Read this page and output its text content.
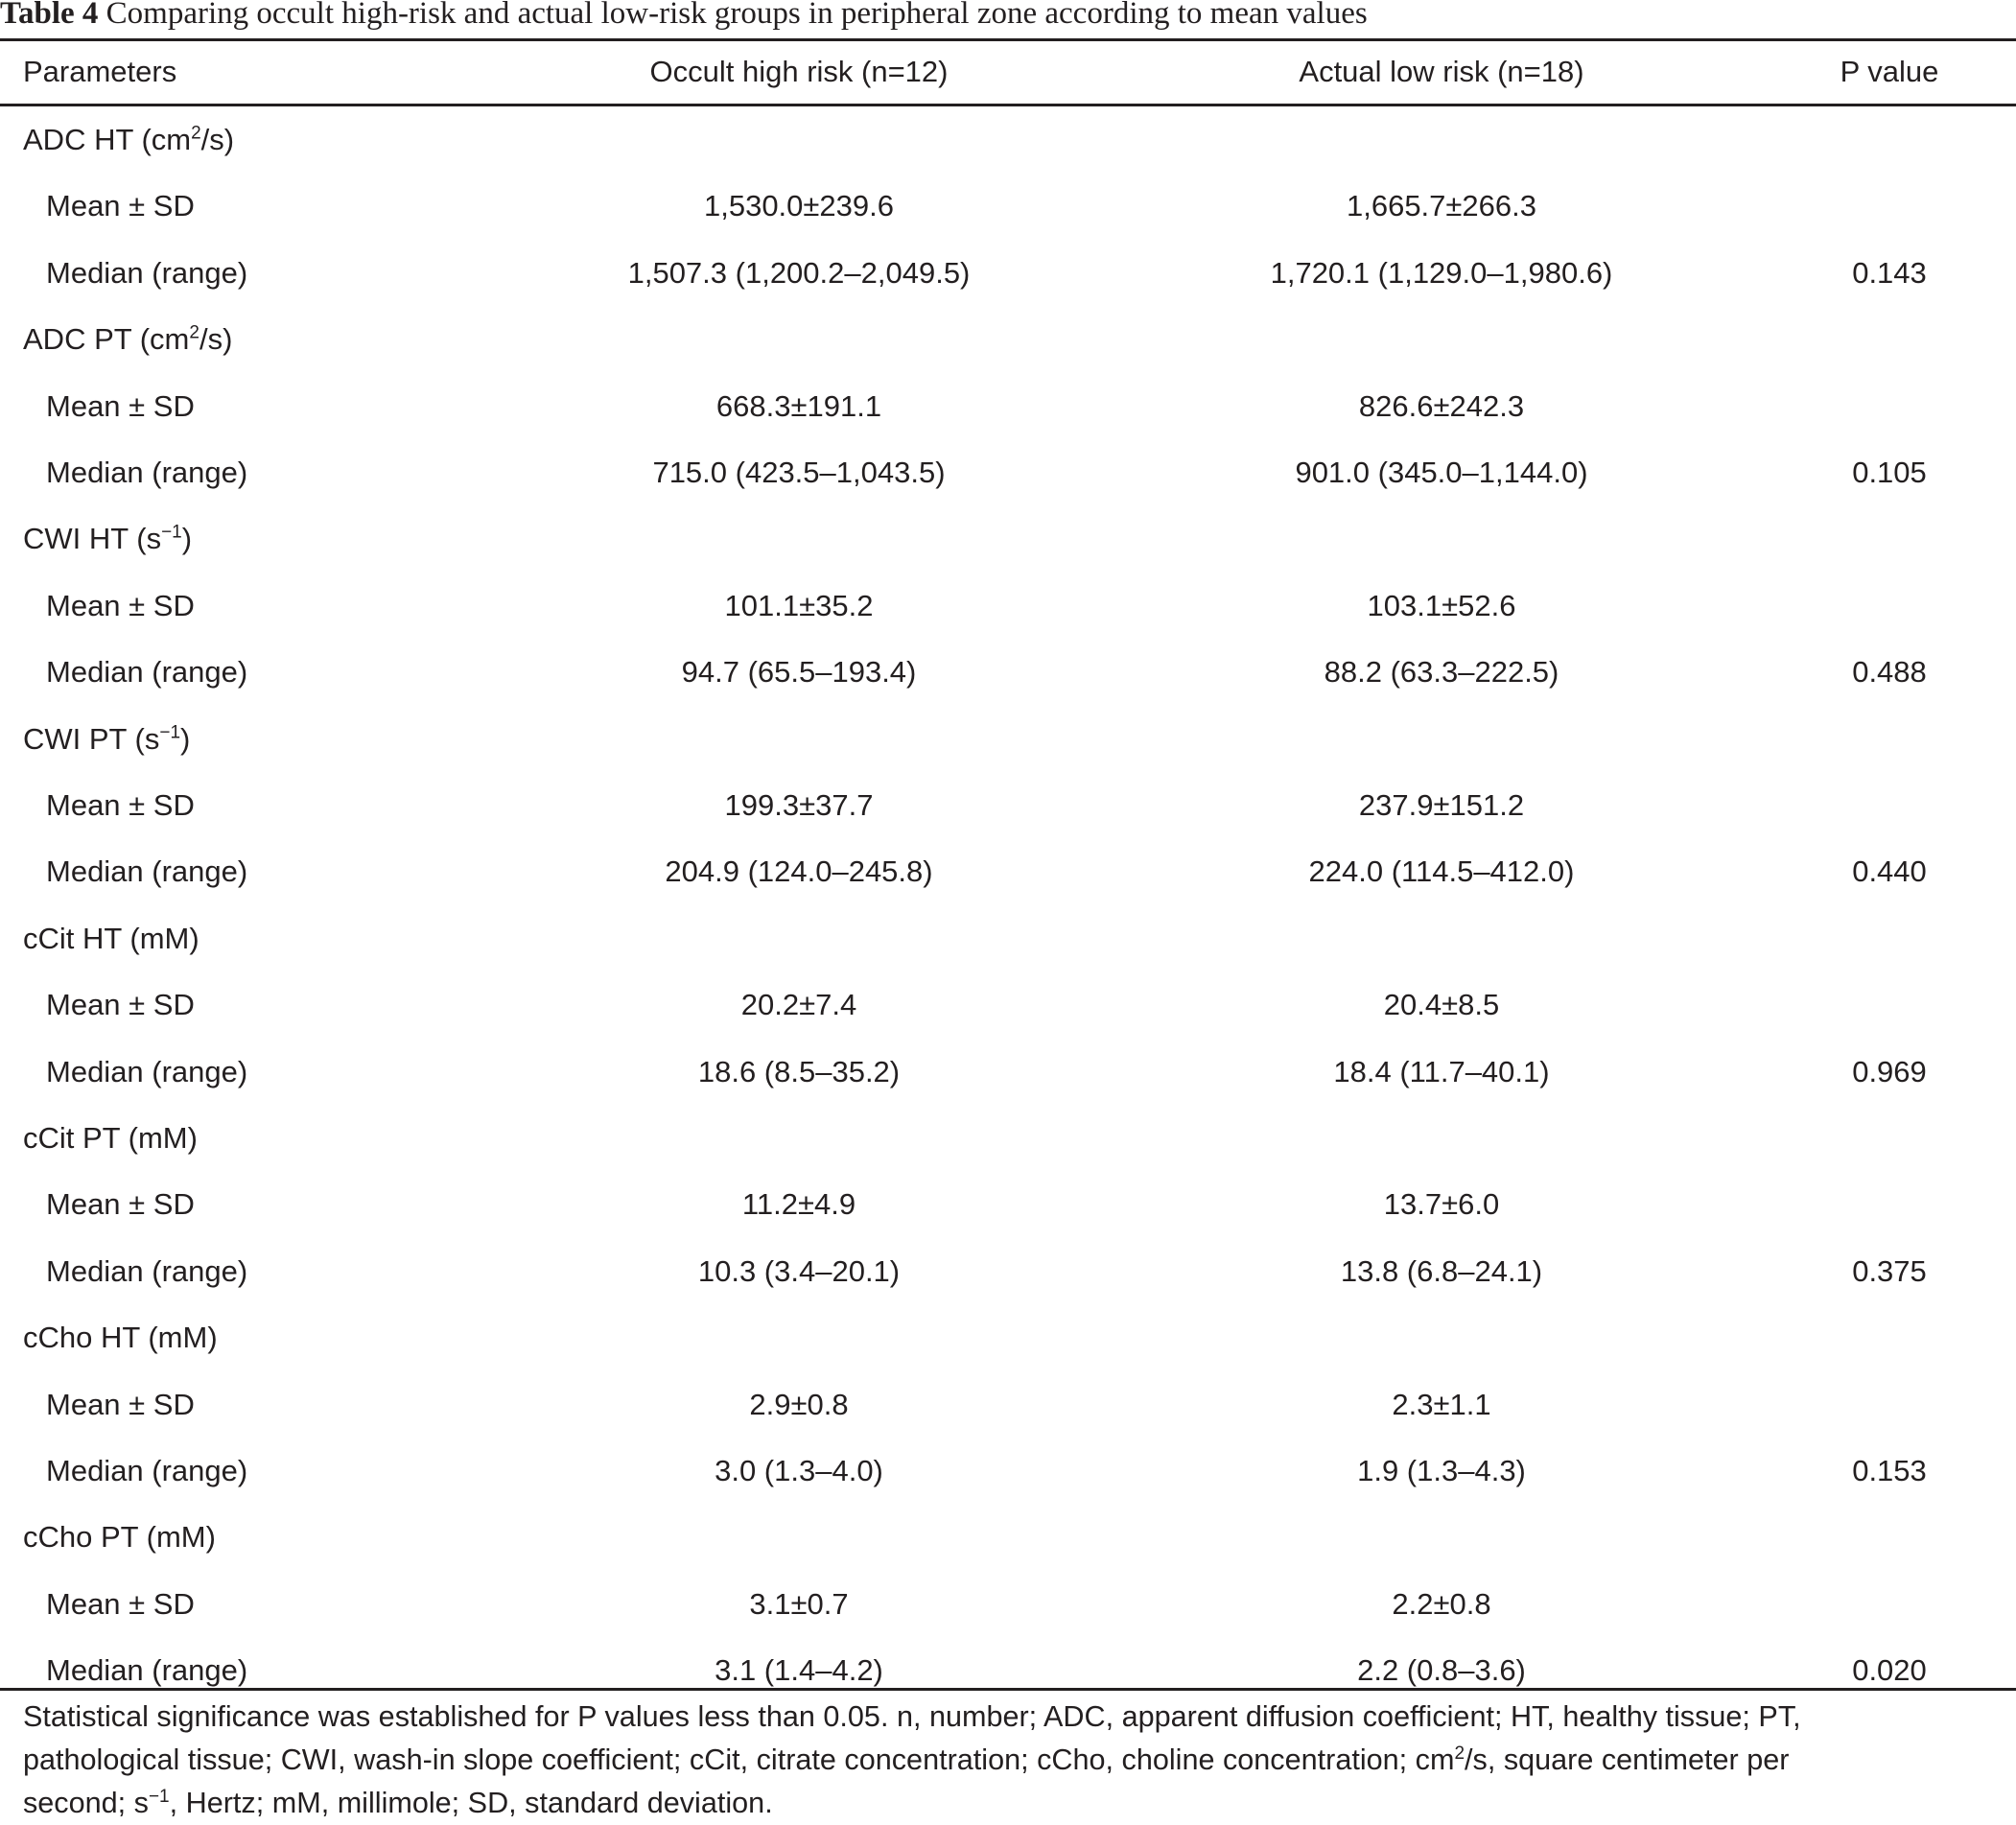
Table 4 Comparing occult high-risk and actual low-risk groups in peripheral zone according to mean values
Parameters	Occult high risk (n=12)	Actual low risk (n=18)	P value
ADC HT $(cm^2/s)$
Mean ± SD	1,530.0±239.6	1,665.7±266.3
Median (range)	1,507.3 (1,200.2–2,049.5)	1,720.1 (1,129.0–1,980.6)	0.143
ADC PT $(cm^2/s)$
Mean ± SD	668.3±191.1	826.6±242.3
Median (range)	715.0 (423.5–1,043.5)	901.0 (345.0–1,144.0)	0.105
CWI HT $(s^{-1})$
Mean ± SD	101.1±35.2	103.1±52.6
Median (range)	94.7 (65.5–193.4)	88.2 (63.3–222.5)	0.488
CWI PT $(s^{-1})$
Mean ± SD	199.3±37.7	237.9±151.2
Median (range)	204.9 (124.0–245.8)	224.0 (114.5–412.0)	0.440
cCit HT (mM)
Mean ± SD	20.2±7.4	20.4±8.5
Median (range)	18.6 (8.5–35.2)	18.4 (11.7–40.1)	0.969
cCit PT (mM)
Mean ± SD	11.2±4.9	13.7±6.0
Median (range)	10.3 (3.4–20.1)	13.8 (6.8–24.1)	0.375
cCho HT (mM)
Mean ± SD	2.9±0.8	2.3±1.1
Median (range)	3.0 (1.3–4.0)	1.9 (1.3–4.3)	0.153
cCho PT (mM)
Mean ± SD	3.1±0.7	2.2±0.8
Median (range)	3.1 (1.4–4.2)	2.2 (0.8–3.6)	0.020
Statistical significance was established for P values less than 0.05. n, number; ADC, apparent diffusion coefficient; HT, healthy tissue; PT,
pathological tissue; CWI, wash-in slope coefficient; cCit, citrate concentration; cCho, choline concentration; $cm^2/s$, square centimeter per
second; $s^{-1}$, Hertz; mM, millimole; SD, standard deviation.
